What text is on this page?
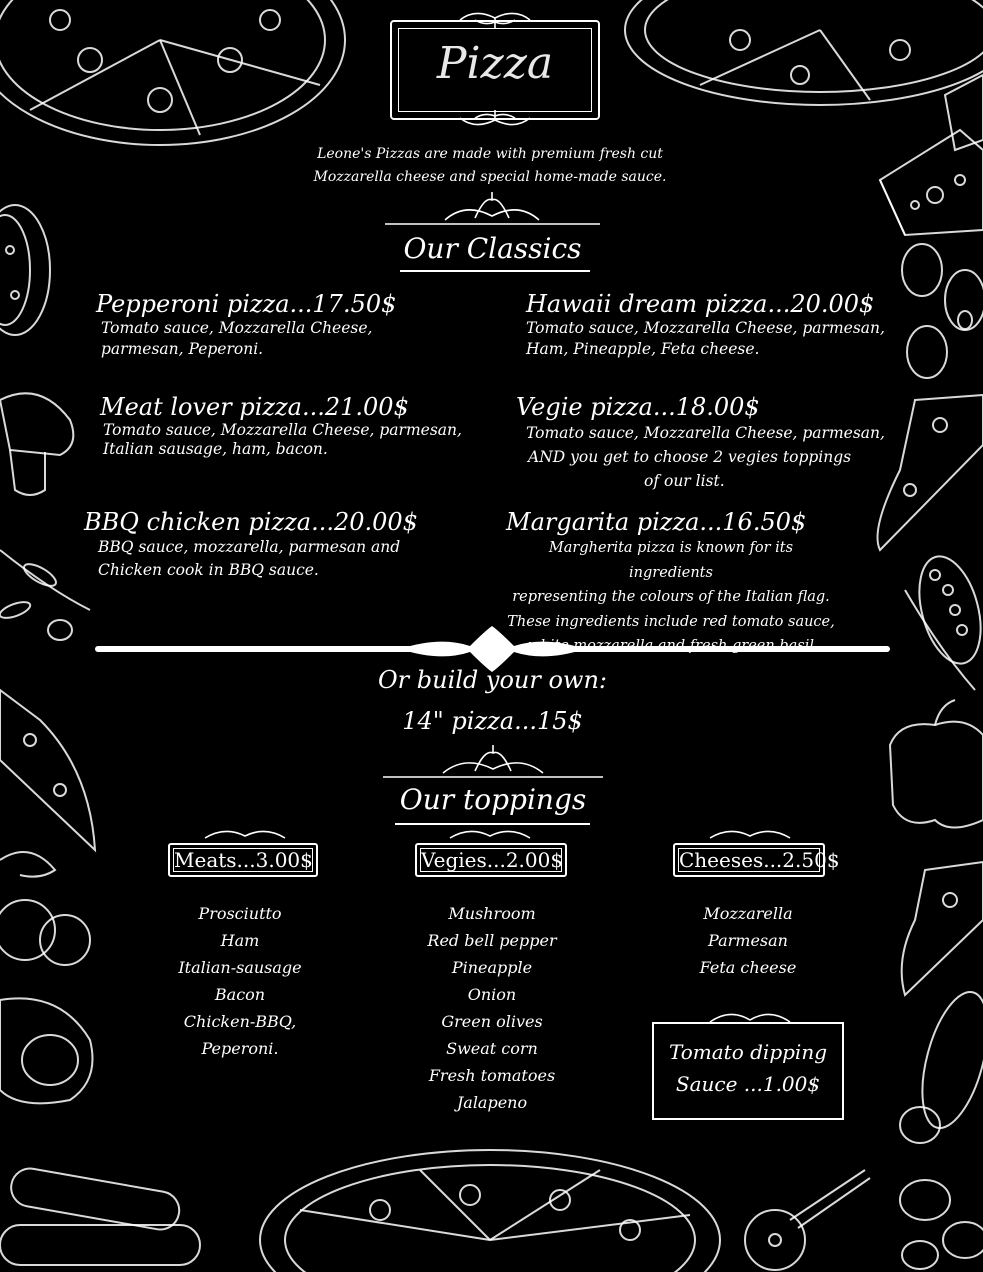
Pizza
Leone's Pizzas are made with premium fresh cut
Mozzarella cheese and special home-made sauce.
Our Classics
Pepperoni pizza...17.50$
Tomato sauce, Mozzarella Cheese,
parmesan, Peperoni.
Hawaii dream pizza...20.00$
Tomato sauce, Mozzarella Cheese, parmesan,
Ham, Pineapple, Feta cheese.
Meat lover pizza...21.00$
Tomato sauce, Mozzarella Cheese, parmesan,
Italian sausage, ham, bacon.
Vegie pizza...18.00$
Tomato sauce, Mozzarella Cheese, parmesan,
AND you get to choose 2 vegies toppings
of our list.
BBQ chicken pizza...20.00$
BBQ sauce, mozzarella, parmesan and
Chicken cook in BBQ sauce.
Margarita pizza...16.50$
Margherita pizza is known for its ingredients
representing the colours of the Italian flag.
These ingredients include red tomato sauce,
Or build your own:
14" pizza...15$
Our toppings
Meats...3.00$	Vegies...2.00$	Cheeses...2.50$
Prosciutto
Ham
Italian-sausage
Bacon
Chicken-BBQ,
Peperoni.
Mushroom
Red bell pepper
Pineapple
Onion
Green olives
Sweat corn
Fresh tomatoes
Jalapeno
Mozzarella
Parmesan
Feta cheese
Tomato dipping
Sauce ...1.00$
